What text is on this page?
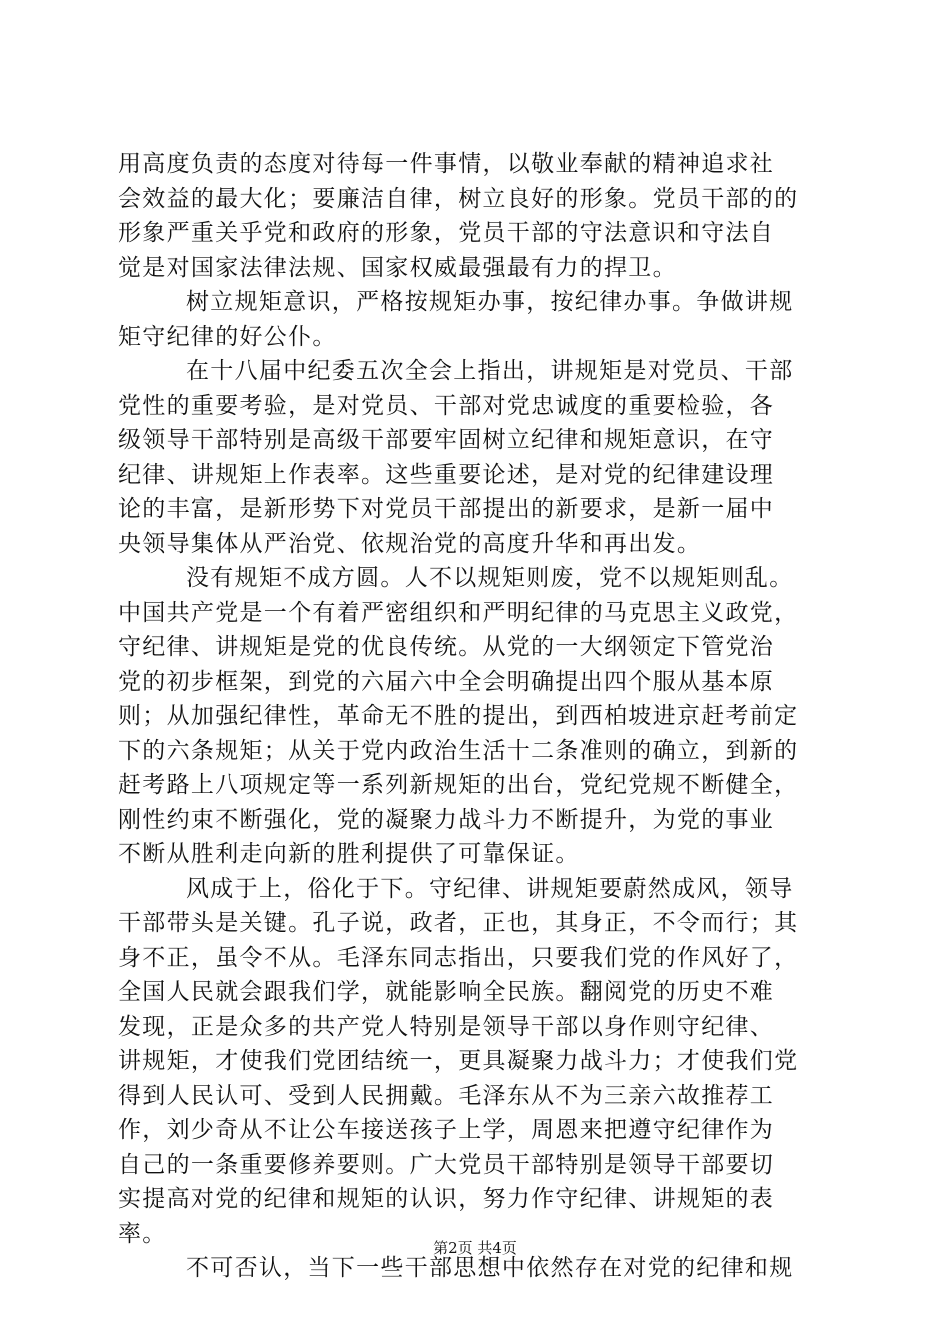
用高度负责的态度对待每一件事情，以敬业奉献的精神追求社
会效益的最大化；要廉洁自律，树立良好的形象。党员干部的的
形象严重关乎党和政府的形象，党员干部的守法意识和守法自
觉是对国家法律法规、国家权威最强最有力的捍卫。
树立规矩意识，严格按规矩办事，按纪律办事。争做讲规
矩守纪律的好公仆。
在十八届中纪委五次全会上指出，讲规矩是对党员、干部
党性的重要考验，是对党员、干部对党忠诚度的重要检验，各
级领导干部特别是高级干部要牢固树立纪律和规矩意识，在守
纪律、讲规矩上作表率。这些重要论述，是对党的纪律建设理
论的丰富，是新形势下对党员干部提出的新要求，是新一届中
央领导集体从严治党、依规治党的高度升华和再出发。
没有规矩不成方圆。人不以规矩则废，党不以规矩则乱。
中国共产党是一个有着严密组织和严明纪律的马克思主义政党，
守纪律、讲规矩是党的优良传统。从党的一大纲领定下管党治
党的初步框架，到党的六届六中全会明确提出四个服从基本原
则；从加强纪律性，革命无不胜的提出，到西柏坡进京赶考前定
下的六条规矩；从关于党内政治生活十二条准则的确立，到新的
赶考路上八项规定等一系列新规矩的出台，党纪党规不断健全，
刚性约束不断强化，党的凝聚力战斗力不断提升，为党的事业
不断从胜利走向新的胜利提供了可靠保证。
风成于上，俗化于下。守纪律、讲规矩要蔚然成风，领导
干部带头是关键。孔子说，政者，正也，其身正，不令而行；其
身不正，虽令不从。毛泽东同志指出，只要我们党的作风好了，
全国人民就会跟我们学，就能影响全民族。翻阅党的历史不难
发现，正是众多的共产党人特别是领导干部以身作则守纪律、
讲规矩，才使我们党团结统一，更具凝聚力战斗力；才使我们党
得到人民认可、受到人民拥戴。毛泽东从不为三亲六故推荐工
作，刘少奇从不让公车接送孩子上学，周恩来把遵守纪律作为
自己的一条重要修养要则。广大党员干部特别是领导干部要切
实提高对党的纪律和规矩的认识，努力作守纪律、讲规矩的表
率。
不可否认，当下一些干部思想中依然存在对党的纪律和规
第2页 共4页
